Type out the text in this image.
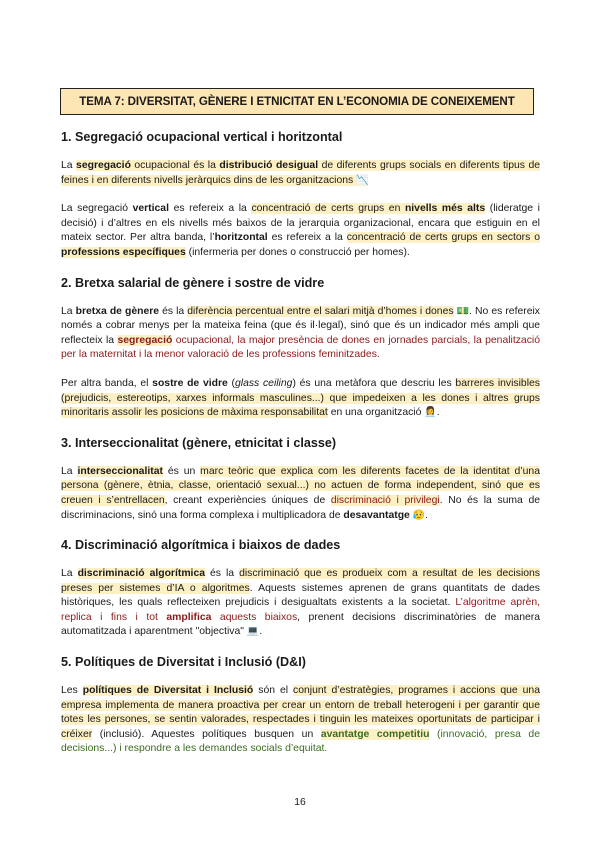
TEMA 7: DIVERSITAT, GÈNERE I ETNICITAT EN L’ECONOMIA DE CONEIXEMENT
1. Segregació ocupacional vertical i horitzontal

La segregació ocupacional és la distribució desigual de diferents grups socials en diferents tipus de feines i en diferents nivells jeràrquics dins de les organitzacions 📉

La segregació vertical es refereix a la concentració de certs grups en nivells més alts (lideratge i decisió) i d’altres en els nivells més baixos de la jerarquia organizacional, encara que estiguin en el mateix sector. Per altra banda, l’horitzontal es refereix a la concentració de certs grups en sectors o professions específiques (infermeria per dones o construcció per homes).

2. Bretxa salarial de gènere i sostre de vidre

La bretxa de gènere és la diferència percentual entre el salari mitjà d’homes i dones 💵. No es refereix només a cobrar menys per la mateixa feina (que és il·legal), sinó que és un indicador més ampli que reflecteix la segregació ocupacional, la major presència de dones en jornades parcials, la penalització per la maternitat i la menor valoració de les professions feminitzades.

Per altra banda, el sostre de vidre (glass ceiling) és una metàfora que descriu les barreres invisibles (prejudicis, estereotips, xarxes informals masculines...) que impedeixen a les dones i altres grups minoritaris assolir les posicions de màxima responsabilitat en una organització 👩‍💼.

3. Interseccionalitat (gènere, etnicitat i classe)

La interseccionalitat és un marc teòric que explica com les diferents facetes de la identitat d’una persona (gènere, ètnia, classe, orientació sexual...) no actuen de forma independent, sinó que es creuen i s’entrellacen, creant experiències úniques de discriminació i privilegi. No és la suma de discriminacions, sinó una forma complexa i multiplicadora de desavantatge 😥.

4. Discriminació algorítmica i biaixos de dades

La discriminació algorítmica és la discriminació que es produeix com a resultat de les decisions preses per sistemes d’IA o algoritmes. Aquests sistemes aprenen de grans quantitats de dades històriques, les quals reflecteixen prejudicis i desigualtats existents a la societat. L’algoritme aprèn, replica i fins i tot amplifica aquests biaixos, prenent decisions discriminatòries de manera automatitzada i aparentment "objectiva" 💻.

5. Polítiques de Diversitat i Inclusió (D&I)

Les polítiques de Diversitat i Inclusió són el conjunt d’estratègies, programes i accions que una empresa implementa de manera proactiva per crear un entorn de treball heterogeni i per garantir que totes les persones, se sentin valorades, respectades i tinguin les mateixes oportunitats de participar i créixer (inclusió). Aquestes polítiques busquen un avantatge competitiu (innovació, presa de decisions...) i respondre a les demandes socials d’equitat.

16
